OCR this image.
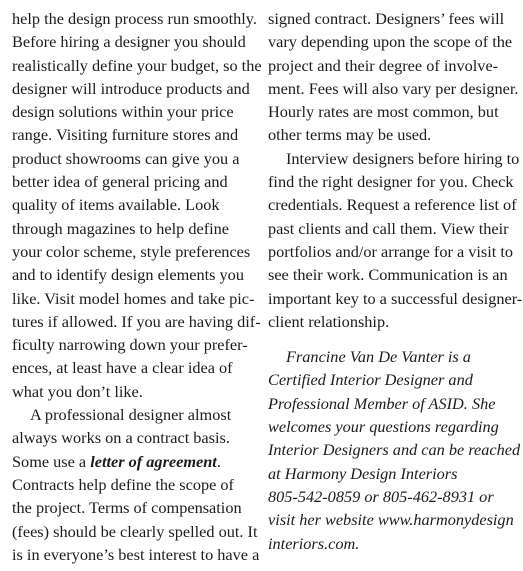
help the design process run smoothly.
Before hiring a designer you should
realistically define your budget, so the
designer will introduce products and
design solutions within your price
range. Visiting furniture stores and
product showrooms can give you a
better idea of general pricing and
quality of items available. Look
through magazines to help define
your color scheme, style preferences
and to identify design elements you
like. Visit model homes and take pic-
tures if allowed. If you are having dif-
ficulty narrowing down your prefer-
ences, at least have a clear idea of
what you don’t like.
A professional designer almost
always works on a contract basis.
Some use a letter of agreement.
Contracts help define the scope of
the project. Terms of compensation
(fees) should be clearly spelled out. It
is in everyone’s best interest to have a
signed contract. Designers’ fees will
vary depending upon the scope of the
project and their degree of involve-
ment. Fees will also vary per designer.
Hourly rates are most common, but
other terms may be used.
Interview designers before hiring to
find the right designer for you. Check
credentials. Request a reference list of
past clients and call them. View their
portfolios and/or arrange for a visit to
see their work. Communication is an
important key to a successful designer-
client relationship.
Francine Van De Vanter is a
Certified Interior Designer and
Professional Member of ASID. She
welcomes your questions regarding
Interior Designers and can be reached
at Harmony Design Interiors
805-542-0859 or 805-462-8931 or
visit her website www.harmonydesign
interiors.com.
